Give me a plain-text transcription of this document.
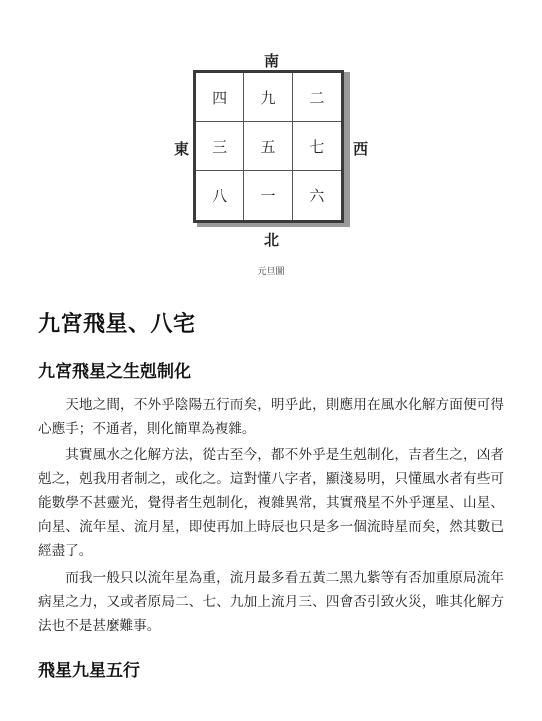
南
北
東	西
四	九	二
三	五	七
八	一	六
元旦圖
九宮飛星、八宅
九宮飛星之生剋制化

天地之間，不外乎陰陽五行而矣，明乎此，則應用在風水化解方面便可得心應手；不通者，則化簡單為複雜。

其實風水之化解方法，從古至今，都不外乎是生剋制化，吉者生之，凶者剋之，剋我用者制之，或化之。這對懂八字者，顯淺易明，只懂風水者有些可能數學不甚靈光，覺得者生剋制化，複雜異常，其實飛星不外乎運星、山星、向星、流年星、流月星，即使再加上時辰也只是多一個流時星而矣，然其數已經盡了。

而我一般只以流年星為重，流月最多看五黃二黑九紫等有否加重原局流年病星之力，又或者原局二、七、九加上流月三、四會否引致火災，唯其化解方法也不是甚麼難事。

飛星九星五行
